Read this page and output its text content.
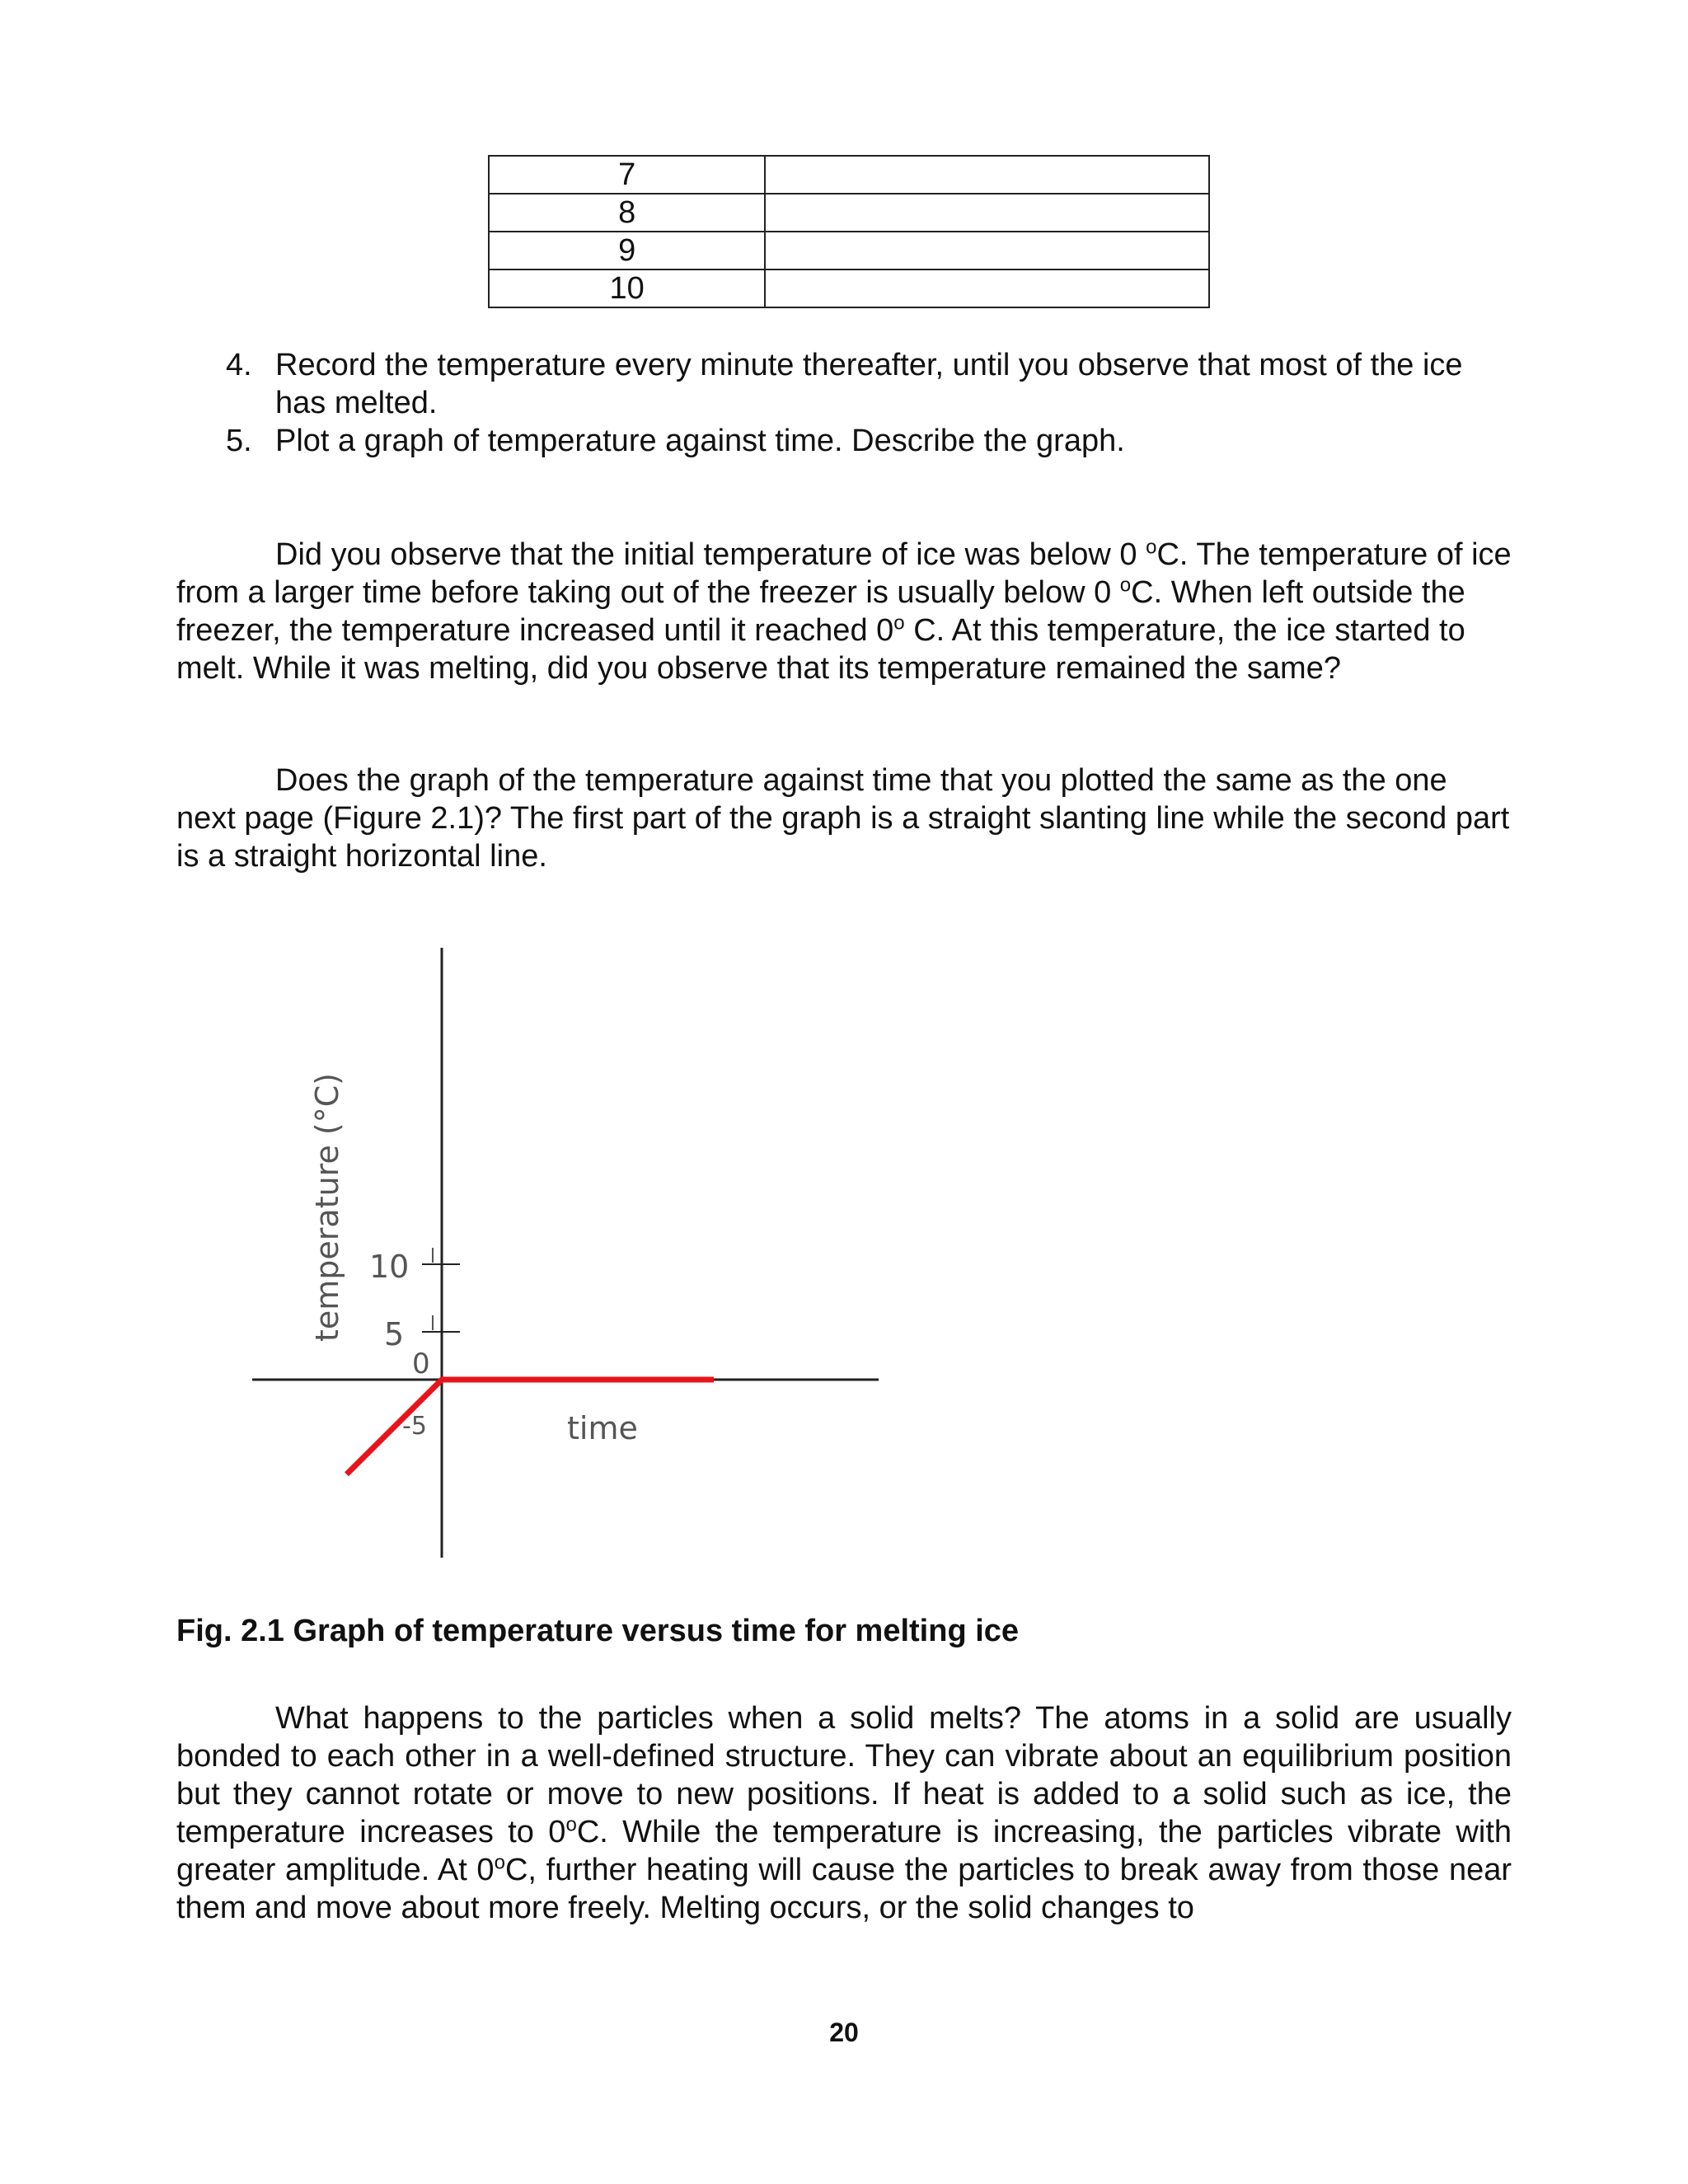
7	
8	
9	
10	
4. Record the temperature every minute thereafter, until you observe that most of the ice has melted.
5. Plot a graph of temperature against time. Describe the graph.

Did you observe that the initial temperature of ice was below 0 $^o$C. The temperature of ice from a larger time before taking out of the freezer is usually below 0 $^o$C. When left outside the freezer, the temperature increased until it reached 0$^o$ C. At this temperature, the ice started to melt. While it was melting, did you observe that its temperature remained the same?

Does the graph of the temperature against time that you plotted the same as the one next page (Figure 2.1)? The first part of the graph is a straight slanting line while the second part is a straight horizontal line.

10
5
0
-5
temperature (°C)
time

Fig. 2.1 Graph of temperature versus time for melting ice

What happens to the particles when a solid melts? The atoms in a solid are usually bonded to each other in a well-defined structure. They can vibrate about an equilibrium position but they cannot rotate or move to new positions. If heat is added to a solid such as ice, the temperature increases to 0$^o$C. While the temperature is increasing, the particles vibrate with greater amplitude. At 0$^o$C, further heating will cause the particles to break away from those near them and move about more freely. Melting occurs, or the solid changes to

20
